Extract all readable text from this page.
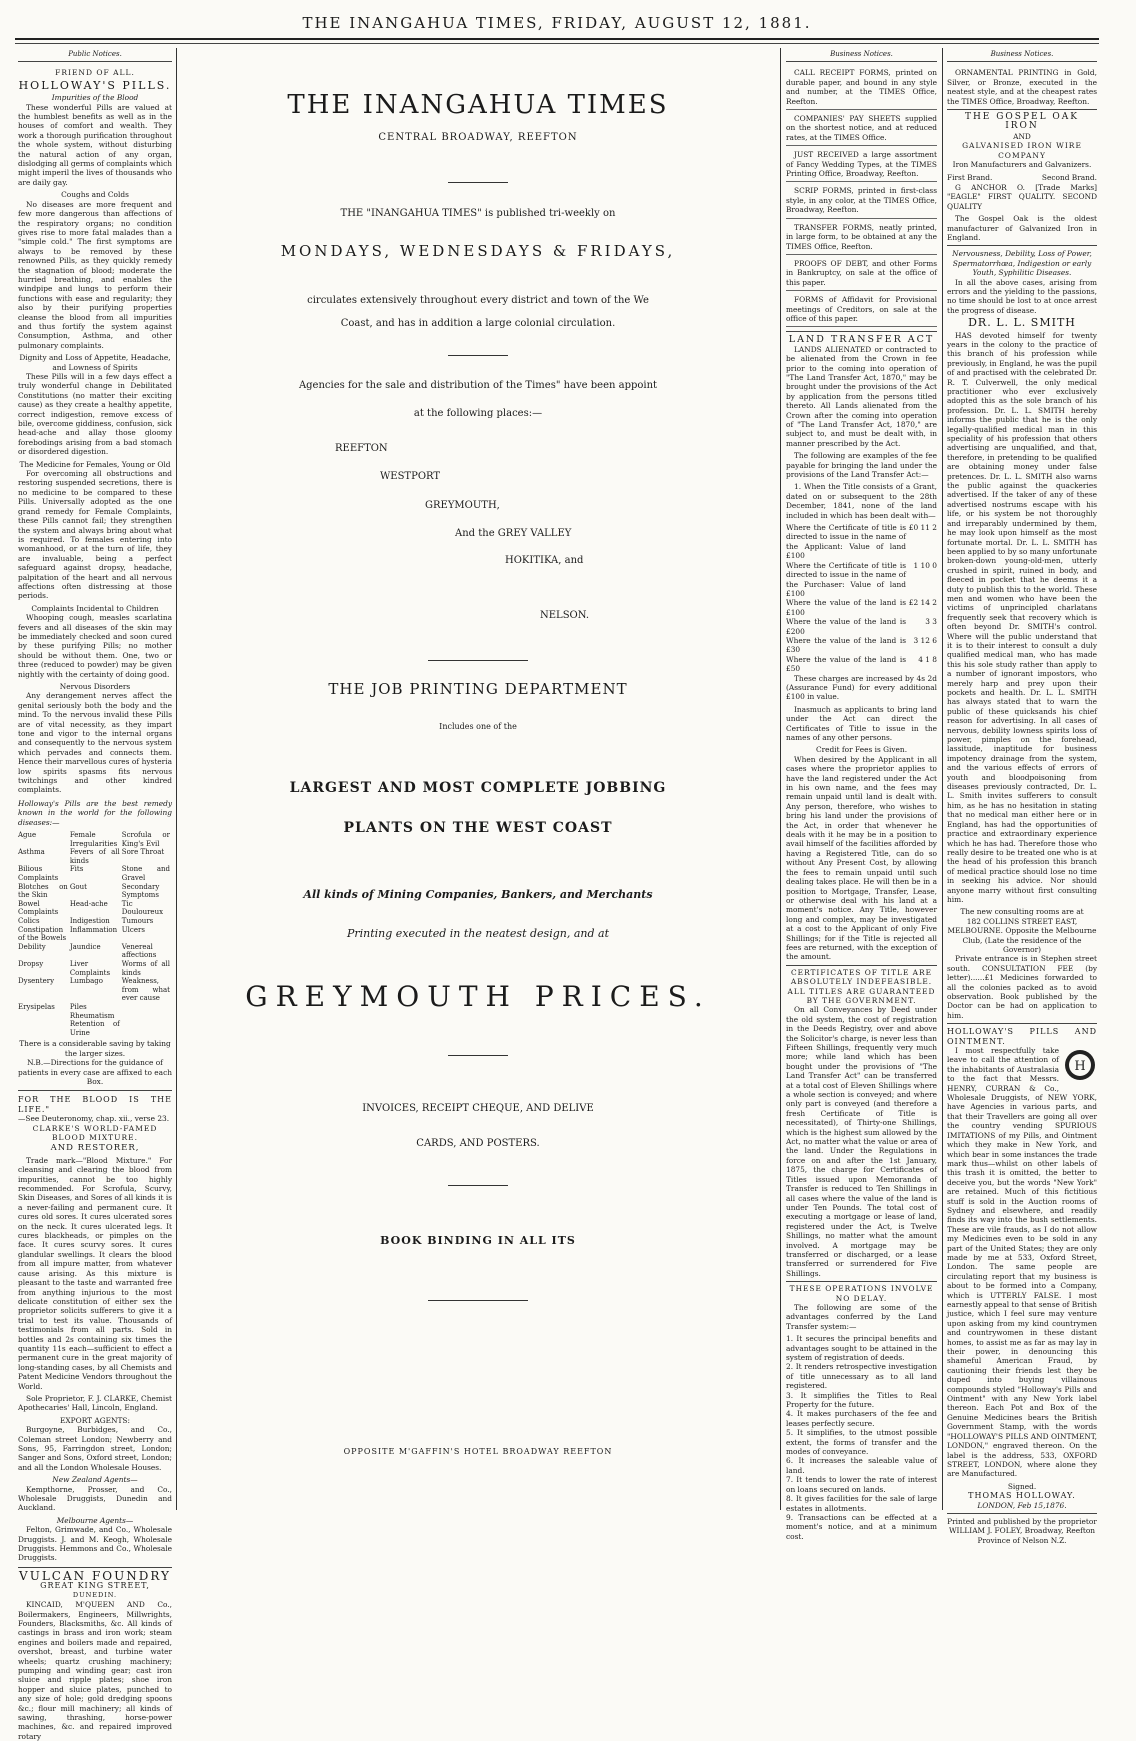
THE INANGAHUA TIMES, FRIDAY, AUGUST 12, 1881.
Public Notices.
FRIEND OF ALL.
HOLLOWAY'S PILLS.
Impurities of the Blood

These wonderful Pills are valued at the humblest benefits as well as in the houses of comfort and wealth. They work a thorough purification throughout the whole system, without disturbing the natural action of any organ, dislodging all germs of complaints which might imperil the lives of thousands who are daily gay.

Coughs and Colds

No diseases are more frequent and few more dangerous than affections of the respiratory organs; no condition gives rise to more fatal malades than a "simple cold." The first symptoms are always to be removed by these renowned Pills, as they quickly remedy the stagnation of blood; moderate the hurried breathing, and enables the windpipe and lungs to perform their functions with ease and regularity; they also by their purifying properties cleanse the blood from all impurities and thus fortify the system against Consumption, Asthma, and other pulmonary complaints.

Dignity and Loss of Appetite, Headache, and Lowness of Spirits

These Pills will in a few days effect a truly wonderful change in Debilitated Constitutions (no matter their exciting cause) as they create a healthy appetite, correct indigestion, remove excess of bile, overcome giddiness, confusion, sick head-ache and allay those gloomy forebodings arising from a bad stomach or disordered digestion.

The Medicine for Females, Young or Old

For overcoming all obstructions and restoring suspended secretions, there is no medicine to be compared to these Pills. Universally adopted as the one grand remedy for Female Complaints, these Pills cannot fail; they strengthen the system and always bring about what is required. To females entering into womanhood, or at the turn of life, they are invaluable, being a perfect safeguard against dropsy, headache, palpitation of the heart and all nervous affections often distressing at those periods.

Complaints Incidental to Children

Whooping cough, measles scarlatina fevers and all diseases of the skin may be immediately checked and soon cured by these purifying Pills; no mother should be without them. One, two or three (reduced to powder) may be given nightly with the certainty of doing good.

Nervous Disorders

Any derangement nerves affect the genital seriously both the body and the mind. To the nervous invalid these Pills are of vital necessity, as they impart tone and vigor to the internal organs and consequently to the nervous system which pervades and connects them. Hence their marvellous cures of hysteria low spirits spasms fits nervous twitchings and other kindred complaints.

Holloway's Pills are the best remedy known in the world for the following diseases:—
Ague	Female Irregularities	Scrofula or King's Evil
Asthma	Fevers of all kinds	Sore Throat
Bilious Complaints	Fits	Stone and Gravel
Blotches on the Skin	Gout	Secondary Symptoms
Bowel Complaints	Head-ache	Tic Douloureux
Colics	Indigestion	Tumours
Constipation of the Bowels	Inflammation	Ulcers
Debility	Jaundice	Venereal affections
Dropsy	Liver Complaints	Worms of all kinds
Dysentery	Lumbago	Weakness, from what ever cause
Erysipelas	Piles	
	Rheumatism	
	Retention of Urine	
There is a considerable saving by taking the larger sizes.
N.B.—Directions for the guidance of patients in every case are affixed to each Box.
FOR THE BLOOD IS THE LIFE."
—See Deuteronomy, chap. xii., verse 23.
CLARKE'S WORLD-FAMED BLOOD MIXTURE.
AND RESTORER,

Trade mark—"Blood Mixture." For cleansing and clearing the blood from impurities, cannot be too highly recommended. For Scrofula, Scurvy, Skin Diseases, and Sores of all kinds it is a never-failing and permanent cure. It cures old sores. It cures ulcerated sores on the neck. It cures ulcerated legs. It cures blackheads, or pimples on the face. It cures scurvy sores. It cures glandular swellings. It clears the blood from all impure matter, from whatever cause arising. As this mixture is pleasant to the taste and warranted free from anything injurious to the most delicate constitution of either sex the proprietor solicits sufferers to give it a trial to test its value. Thousands of testimonials from all parts. Sold in bottles and 2s containing six times the quantity 11s each—sufficient to effect a permanent cure in the great majority of long-standing cases, by all Chemists and Patent Medicine Vendors throughout the World.

Sole Proprietor, F. J. CLARKE, Chemist Apothecaries' Hall, Lincoln, England.

EXPORT AGENTS:

Burgoyne, Burbidges, and Co., Coleman street London; Newberry and Sons, 95, Farringdon street, London; Sanger and Sons, Oxford street, London; and all the London Wholesale Houses.

New Zealand Agents—

Kempthorne, Prosser, and Co., Wholesale Druggists, Dunedin and Auckland.

Melbourne Agents—

Felton, Grimwade, and Co., Wholesale Druggists. J. and M. Keogh, Wholesale Druggists. Hemmons and Co., Wholesale Druggists.

VULCAN FOUNDRY
GREAT KING STREET,
DUNEDIN.

KINCAID, M'QUEEN AND Co., Boilermakers, Engineers, Millwrights, Founders, Blacksmiths, &c. All kinds of castings in brass and iron work; steam engines and boilers made and repaired, overshot, breast, and turbine water wheels; quartz crushing machinery; pumping and winding gear; cast iron sluice and ripple plates; shoe iron hopper and sluice plates, punched to any size of hole; gold dredging spoons &c.; flour mill machinery; all kinds of sawing, thrashing, horse-power machines, &c. and repaired improved rotary

THE INANGAHUA TIMES
CENTRAL BROADWAY, REEFTON
THE "INANGAHUA TIMES" is published tri-weekly on
MONDAYS, WEDNESDAYS & FRIDAYS,
circulates extensively throughout every district and town of the We
Coast, and has in addition a large colonial circulation.
Agencies for the sale and distribution of the Times" have been appoint
at the following places:—
REEFTON
WESTPORT
GREYMOUTH,
And the GREY VALLEY
HOKITIKA, and
NELSON.
THE JOB PRINTING DEPARTMENT
Includes one of the
LARGEST AND MOST COMPLETE JOBBING
PLANTS ON THE WEST COAST
All kinds of Mining Companies, Bankers, and Merchants
Printing executed in the neatest design, and at
GREYMOUTH PRICES.
INVOICES, RECEIPT CHEQUE, AND DELIVE
CARDS, AND POSTERS.
BOOK BINDING IN ALL ITS
OPPOSITE M'GAFFIN'S HOTEL BROADWAY REEFTON
Business Notices.

CALL RECEIPT FORMS, printed on durable paper, and bound in any style and number, at the TIMES Office, Reefton.

COMPANIES' PAY SHEETS supplied on the shortest notice, and at reduced rates, at the TIMES Office.

JUST RECEIVED a large assortment of Fancy Wedding Types, at the TIMES Printing Office, Broadway, Reefton.

SCRIP FORMS, printed in first-class style, in any color, at the TIMES Office, Broadway, Reefton.

TRANSFER FORMS, neatly printed, in large form, to be obtained at any the TIMES Office, Reefton.

PROOFS OF DEBT, and other Forms in Bankruptcy, on sale at the office of this paper.

FORMS of Affidavit for Provisional meetings of Creditors, on sale at the office of this paper.

LAND TRANSFER ACT

LANDS ALIENATED or contracted to be alienated from the Crown in fee prior to the coming into operation of "The Land Transfer Act, 1870," may be brought under the provisions of the Act by application from the persons titled thereto. All Lands alienated from the Crown after the coming into operation of "The Land Transfer Act, 1870," are subject to, and must be dealt with, in manner prescribed by the Act.

The following are examples of the fee payable for bringing the land under the provisions of the Land Transfer Act:—

1. When the Title consists of a Grant, dated on or subsequent to the 28th December, 1841, none of the land included in which has been dealt with—

Where the Certificate of title is directed to issue in the name of the Applicant: Value of land £100
£0 11 2
Where the Certificate of title is directed to issue in the name of the Purchaser: Value of land £100
1 10 0
Where the value of the land is £100
£2 14 2
Where the value of the land is £200
3 3
Where the value of the land is £30
3 12 6
Where the value of the land is £50
4 1 8

These charges are increased by 4s 2d (Assurance Fund) for every additional £100 in value.

Inasmuch as applicants to bring land under the Act can direct the Certificates of Title to issue in the names of any other persons.

Credit for Fees is Given.

When desired by the Applicant in all cases where the proprietor applies to have the land registered under the Act in his own name, and the fees may remain unpaid until land is dealt with. Any person, therefore, who wishes to bring his land under the provisions of the Act, in order that whenever he deals with it he may be in a position to avail himself of the facilities afforded by having a Registered Title, can do so without Any Present Cost, by allowing the fees to remain unpaid until such dealing takes place. He will then be in a position to Mortgage, Transfer, Lease, or otherwise deal with his land at a moment's notice. Any Title, however long and complex, may be investigated at a cost to the Applicant of only Five Shillings; for if the Title is rejected all fees are returned, with the exception of the amount.

CERTIFICATES OF TITLE ARE ABSOLUTELY INDEFEASIBLE.
ALL TITLES ARE GUARANTEED BY THE GOVERNMENT.

On all Conveyances by Deed under the old system, the cost of registration in the Deeds Registry, over and above the Solicitor's charge, is never less than Fifteen Shillings, frequently very much more; while land which has been bought under the provisions of "The Land Transfer Act" can be transferred at a total cost of Eleven Shillings where a whole section is conveyed; and where only part is conveyed (and therefore a fresh Certificate of Title is necessitated), of Thirty-one Shillings, which is the highest sum allowed by the Act, no matter what the value or area of the land. Under the Regulations in force on and after the 1st January, 1875, the charge for Certificates of Titles issued upon Memoranda of Transfer is reduced to Ten Shillings in all cases where the value of the land is under Ten Pounds. The total cost of executing a mortgage or lease of land, registered under the Act, is Twelve Shillings, no matter what the amount involved. A mortgage may be transferred or discharged, or a lease transferred or surrendered for Five Shillings.

THESE OPERATIONS INVOLVE NO DELAY.

The following are some of the advantages conferred by the Land Transfer system:—

1. It secures the principal benefits and advantages sought to be attained in the system of registration of deeds.
2. It renders retrospective investigation of title unnecessary as to all land registered.
3. It simplifies the Titles to Real Property for the future.
4. It makes purchasers of the fee and leases perfectly secure.
5. It simplifies, to the utmost possible extent, the forms of transfer and the modes of conveyance.
6. It increases the saleable value of land.
7. It tends to lower the rate of interest on loans secured on lands.
8. It gives facilities for the sale of large estates in allotments.
9. Transactions can be effected at a moment's notice, and at a minimum cost.
Business Notices.

ORNAMENTAL PRINTING in Gold, Silver, or Bronze, executed in the neatest style, and at the cheapest rates the TIMES Office, Broadway, Reefton.

THE GOSPEL OAK IRON
AND
GALVANISED IRON WIRE COMPANY
Iron Manufacturers and Galvanizers.
First Brand.	Second Brand.

G ANCHOR O. [Trade Marks] "EAGLE" FIRST QUALITY. SECOND QUALITY

The Gospel Oak is the oldest manufacturer of Galvanized Iron in England.

Nervousness, Debility, Loss of Power, Spermatorrhœa, Indigestion or early Youth, Syphilitic Diseases.

In all the above cases, arising from errors and the yielding to the passions, no time should be lost to at once arrest the progress of disease.

DR. L. L. SMITH

HAS devoted himself for twenty years in the colony to the practice of this branch of his profession while previously, in England, he was the pupil of and practised with the celebrated Dr. R. T. Culverwell, the only medical practitioner who ever exclusively adopted this as the sole branch of his profession. Dr. L. L. SMITH hereby informs the public that he is the only legally-qualified medical man in this speciality of his profession that others advertising are unqualified, and that, therefore, in pretending to be qualified are obtaining money under false pretences. Dr. L. L. SMITH also warns the public against the quackeries advertised. If the taker of any of these advertised nostrums escape with his life, or his system be not thoroughly and irreparably undermined by them, he may look upon himself as the most fortunate mortal. Dr. L. L. SMITH has been applied to by so many unfortunate broken-down young-old-men, utterly crushed in spirit, ruined in body, and fleeced in pocket that he deems it a duty to publish this to the world. These men and women who have been the victims of unprincipled charlatans frequently seek that recovery which is often beyond Dr. SMITH's control. Where will the public understand that it is to their interest to consult a duly qualified medical man, who has made this his sole study rather than apply to a number of ignorant impostors, who merely harp and prey upon their pockets and health. Dr. L. L. SMITH has always stated that to warn the public of these quicksands his chief reason for advertising. In all cases of nervous, debility lowness spirits loss of power, pimples on the forehead, lassitude, inaptitude for business impotency drainage from the system, and the various effects of errors of youth and bloodpoisoning from diseases previously contracted, Dr. L. L. Smith invites sufferers to consult him, as he has no hesitation in stating that no medical man either here or in England, has had the opportunities of practice and extraordinary experience which he has had. Therefore those who really desire to be treated one who is at the head of his profession this branch of medical practice should lose no time in seeking his advice. Nor should anyone marry without first consulting him.

The new consulting rooms are at
182 COLLINS STREET EAST, MELBOURNE. Opposite the Melbourne Club, (Late the residence of the Governor)

Private entrance is in Stephen street south. CONSULTATION FEE (by letter)......£1 Medicines forwarded to all the colonies packed as to avoid observation. Book published by the Doctor can be had on application to him.

HOLLOWAY'S PILLS AND OINTMENT.
H

I most respectfully take leave to call the attention of the inhabitants of Australasia to the fact that Messrs. HENRY, CURRAN & Co., Wholesale Druggists, of NEW YORK, have Agencies in various parts, and that their Travellers are going all over the country vending SPURIOUS IMITATIONS of my Pills, and Ointment which they make in New York, and which bear in some instances the trade mark thus—whilst on other labels of this trash it is omitted, the better to deceive you, but the words "New York" are retained. Much of this fictitious stuff is sold in the Auction rooms of Sydney and elsewhere, and readily finds its way into the bush settlements. These are vile frauds, as I do not allow my Medicines even to be sold in any part of the United States; they are only made by me at 533, Oxford Street, London. The same people are circulating report that my business is about to be formed into a Company, which is UTTERLY FALSE. I most earnestly appeal to that sense of British justice, which I feel sure may venture upon asking from my kind countrymen and countrywomen in these distant homes, to assist me as far as may lay in their power, in denouncing this shameful American Fraud, by cautioning their friends lest they be duped into buying villainous compounds styled "Holloway's Pills and Ointment" with any New York label thereon. Each Pot and Box of the Genuine Medicines bears the British Government Stamp, with the words "HOLLOWAY'S PILLS AND OINTMENT, LONDON," engraved thereon. On the label is the address, 533, OXFORD STREET, LONDON, where alone they are Manufactured.

Signed.
THOMAS HOLLOWAY.
LONDON, Feb 15,1876.
Printed and published by the proprietor WILLIAM J. FOLEY, Broadway, Reefton Province of Nelson N.Z.
